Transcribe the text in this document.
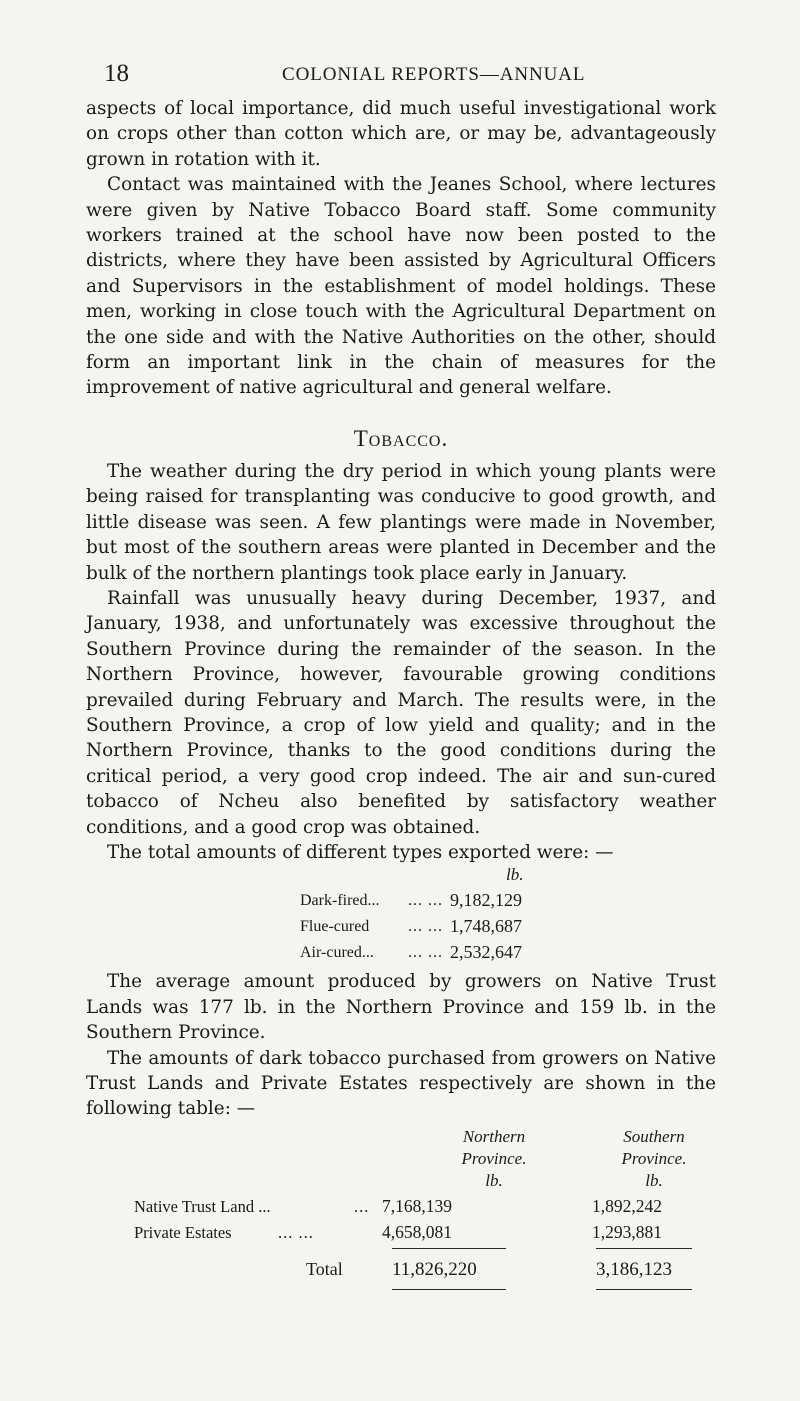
18	COLONIAL REPORTS—ANNUAL

aspects of local importance, did much useful investigational work on crops other than cotton which are, or may be, advantageously grown in rotation with it.

Contact was maintained with the Jeanes School, where lectures were given by Native Tobacco Board staff. Some community workers trained at the school have now been posted to the districts, where they have been assisted by Agricultural Officers and Supervisors in the establishment of model holdings. These men, working in close touch with the Agricultural Department on the one side and with the Native Authorities on the other, should form an important link in the chain of measures for the improvement of native agricultural and general welfare.

Tobacco.

The weather during the dry period in which young plants were being raised for transplanting was conducive to good growth, and little disease was seen. A few plantings were made in November, but most of the southern areas were planted in December and the bulk of the northern plantings took place early in January.

Rainfall was unusually heavy during December, 1937, and January, 1938, and unfortunately was excessive throughout the Southern Province during the remainder of the season. In the Northern Province, however, favourable growing conditions prevailed during February and March. The results were, in the Southern Province, a crop of low yield and quality; and in the Northern Province, thanks to the good conditions during the critical period, a very good crop indeed. The air and sun-cured tobacco of Ncheu also benefited by satisfactory weather conditions, and a good crop was obtained.

The total amounts of different types exported were: —

lb.
Dark-fired... ... ... 9,182,129
Flue-cured ... ... 1,748,687
Air-cured... ... ... 2,532,647

The average amount produced by growers on Native Trust Lands was 177 lb. in the Northern Province and 159 lb. in the Southern Province.

The amounts of dark tobacco purchased from growers on Native Trust Lands and Private Estates respectively are shown in the following table: —

Northern
Province.
lb.
Southern
Province.
lb.
Native Trust Land ...	... 7,168,139	1,892,242
Private Estates	... ...	4,658,081	1,293,881
Total	11,826,220	3,186,123
